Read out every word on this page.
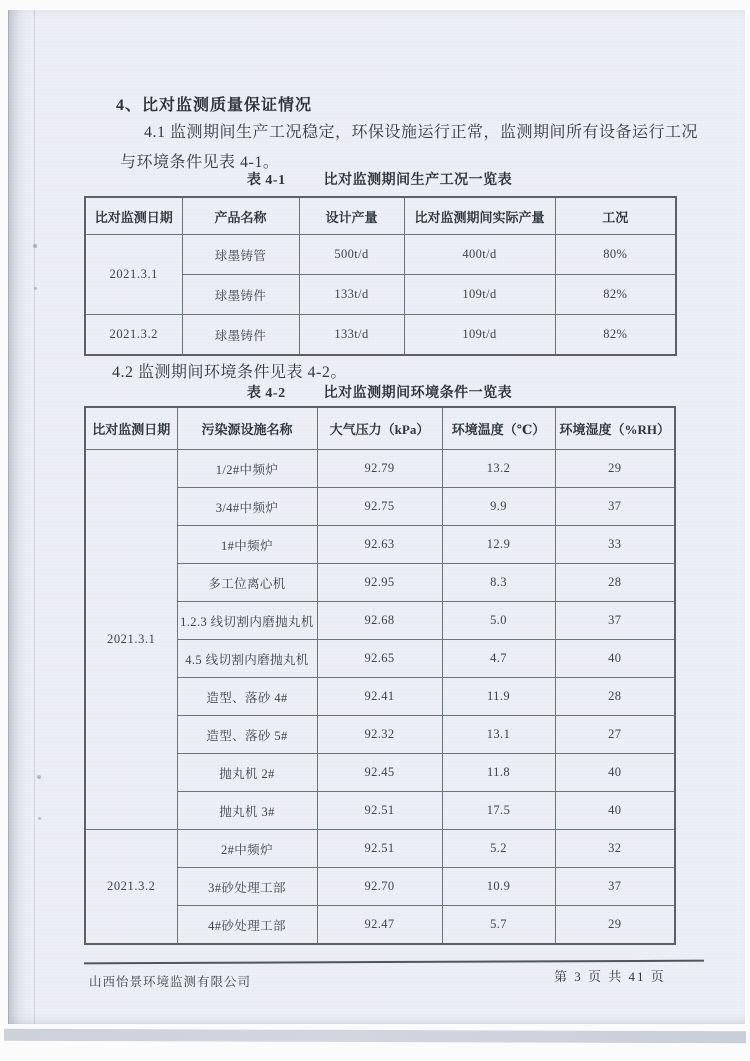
4、比对监测质量保证情况
4.1 监测期间生产工况稳定，环保设施运行正常，监测期间所有设备运行工况
与环境条件见表 4-1。
表 4-1	比对监测期间生产工况一览表
比对监测日期	产品名称	设计产量	比对监测期间实际产量	工况
2021.3.1	球墨铸管	500t/d	400t/d	80%
	球墨铸件	133t/d	109t/d	82%
2021.3.2	球墨铸件	133t/d	109t/d	82%
4.2 监测期间环境条件见表 4-2。
表 4-2	比对监测期间环境条件一览表
比对监测日期	污染源设施名称	大气压力（kPa）	环境温度（℃）	环境湿度（%RH）
2021.3.1	1/2#中频炉	92.79	13.2	29
	3/4#中频炉	92.75	9.9	37
	1#中频炉	92.63	12.9	33
	多工位离心机	92.95	8.3	28
	1.2.3 线切割内磨抛丸机	92.68	5.0	37
	4.5 线切割内磨抛丸机	92.65	4.7	40
	造型、落砂 4#	92.41	11.9	28
	造型、落砂 5#	92.32	13.1	27
	抛丸机 2#	92.45	11.8	40
	抛丸机 3#	92.51	17.5	40
2021.3.2	2#中频炉	92.51	5.2	32
	3#砂处理工部	92.70	10.9	37
	4#砂处理工部	92.47	5.7	29
山西怡景环境监测有限公司	第 3 页 共 41 页
